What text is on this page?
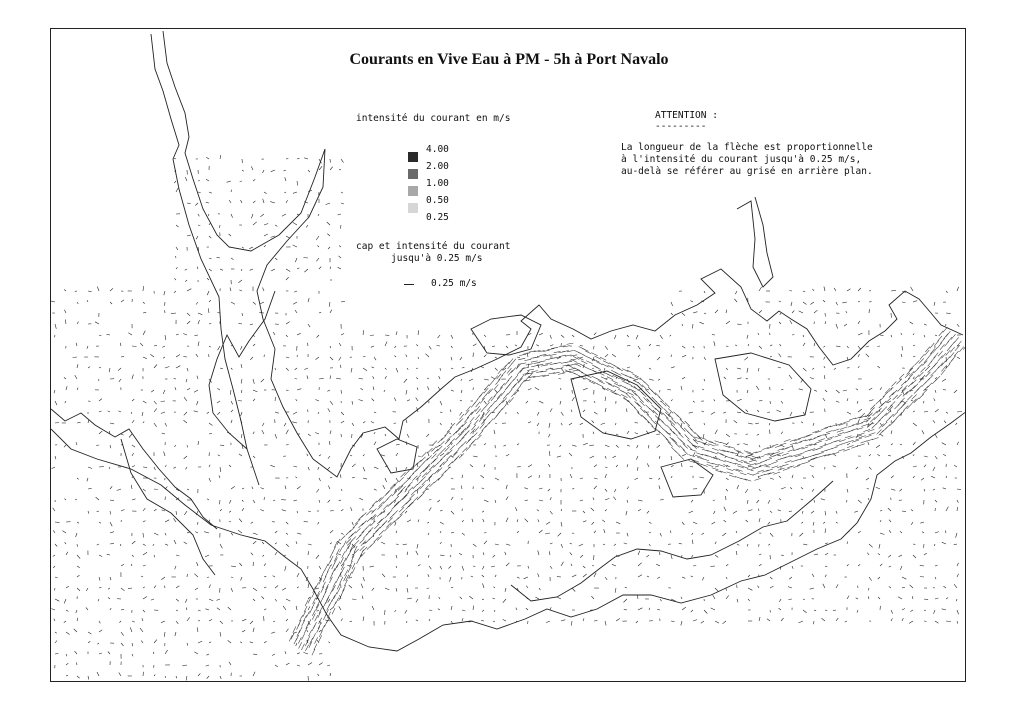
Courants en Vive Eau à PM - 5h à Port Navalo
intensité du courant en m/s
4.00
2.00
1.00
0.50
0.25
cap et intensité du courant
jusqu'à 0.25 m/s
0.25 m/s
ATTENTION :
---------
La longueur de la flèche est proportionnelle
à l'intensité du courant jusqu'à 0.25 m/s,
au-delà se référer au grisé en arrière plan.
